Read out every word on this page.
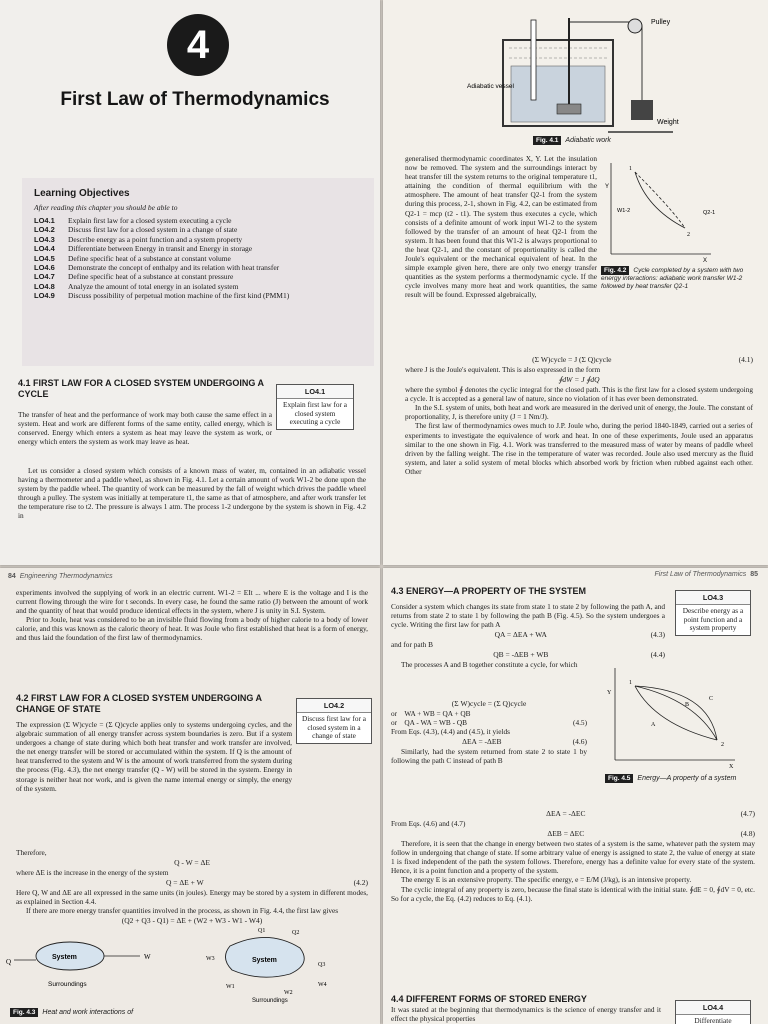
4
First Law of Thermodynamics
Learning Objectives
After reading this chapter you should be able to
LO4.1	Explain first law for a closed system executing a cycle
LO4.2	Discuss first law for a closed system in a change of state
LO4.3	Describe energy as a point function and a system property
LO4.4	Differentiate between Energy in transit and Energy in storage
LO4.5	Define specific heat of a substance at constant volume
LO4.6	Demonstrate the concept of enthalpy and its relation with heat transfer
LO4.7	Define specific heat of a substance at constant pressure
LO4.8	Analyze the amount of total energy in an isolated system
LO4.9	Discuss possibility of perpetual motion machine of the first kind (PMM1)

4.1 FIRST LAW FOR A CLOSED SYSTEM UNDERGOING A CYCLE	LO4.1
Explain first law for a closed system executing a cycle

The transfer of heat and the performance of work may both cause the same effect in a system. Heat and work are different forms of the same entity, called energy, which is conserved. Energy which enters a system as heat may leave the system as work, or energy which enters the system as work may leave as heat.

Let us consider a closed system which consists of a known mass of water, m, contained in an adiabatic vessel having a thermometer and a paddle wheel, as shown in Fig. 4.1. Let a certain amount of work W1-2 be done upon the system by the paddle wheel. The quantity of work can be measured by the fall of weight which drives the paddle wheel through a pulley. The system was initially at temperature t1, the same as that of atmosphere, and after work transfer let the temperature rise to t2. The pressure is always 1 atm. The process 1-2 undergone by the system is shown in Fig. 4.2 in

Pulley
Adiabatic vessel
Weight
Fig. 4.1 Adiabatic work

generalised thermodynamic coordinates X, Y. Let the insulation now be removed. The system and the surroundings interact by heat transfer till the system returns to the original temperature t1, attaining the condition of thermal equilibrium with the atmosphere. The amount of heat transfer Q2-1 from the system during this process, 2-1, shown in Fig. 4.2, can be estimated from Q2-1 = mcp (t2 - t1). The system thus executes a cycle, which consists of a definite amount of work input W1-2 to the system followed by the transfer of an amount of heat Q2-1 from the system. It has been found that this W1-2 is always proportional to the heat Q2-1, and the constant of proportionality is called the Joule's equivalent or the mechanical equivalent of heat. In the simple example given here, there are only two energy transfer quantities as the system performs a thermodynamic cycle. If the cycle involves many more heat and work quantities, the same result will be found. Expressed algebraically,

Y
X
1
2
W1-2	Q2-1
Fig. 4.2 Cycle completed by a system with two energy interactions: adiabatic work transfer W1-2 followed by heat transfer Q2-1

(Σ W)cycle = J (Σ Q)cycle	(4.1)

where J is the Joule's equivalent. This is also expressed in the form

∮dW = J ∮dQ

where the symbol ∮ denotes the cyclic integral for the closed path. This is the first law for a closed system undergoing a cycle. It is accepted as a general law of nature, since no violation of it has ever been demonstrated.

In the S.I. system of units, both heat and work are measured in the derived unit of energy, the Joule. The constant of proportionality, J, is therefore unity (J = 1 Nm/J).

The first law of thermodynamics owes much to J.P. Joule who, during the period 1840-1849, carried out a series of experiments to investigate the equivalence of work and heat. In one of these experiments, Joule used an apparatus similar to the one shown in Fig. 4.1. Work was transferred to the measured mass of water by means of paddle wheel driven by the falling weight. The rise in the temperature of water was recorded. Joule also used mercury as the fluid system, and later a solid system of metal blocks which absorbed work by friction when rubbed against each other. Other

84 Engineering Thermodynamics

experiments involved the supplying of work in an electric current. W1-2 = EIt ... where E is the voltage and I is the current flowing through the wire for t seconds. In every case, he found the same ratio (J) between the amount of work and the quantity of heat that would produce identical effects in the system, where J is unity in S.I. System.

Prior to Joule, heat was considered to be an invisible fluid flowing from a body of higher calorie to a body of lower calorie, and this was known as the caloric theory of heat. It was Joule who first established that heat is a form of energy, and thus laid the foundation of the first law of thermodynamics.

4.2 FIRST LAW FOR A CLOSED SYSTEM UNDERGOING A CHANGE OF STATE	LO4.2
Discuss first law for a closed system in a change of state

The expression (Σ W)cycle = (Σ Q)cycle applies only to systems undergoing cycles, and the algebraic summation of all energy transfer across system boundaries is zero. But if a system undergoes a change of state during which both heat transfer and work transfer are involved, the net energy transfer will be stored or accumulated within the system. If Q is the amount of heat transferred to the system and W is the amount of work transferred from the system during the process (Fig. 4.3), the net energy transfer (Q - W) will be stored in the system. Energy in storage is neither heat nor work, and is given the name internal energy or simply, the energy of the system.

Therefore,

Q - W = ΔE

where ΔE is the increase in the energy of the system

Q = ΔE + W	(4.2)

Here Q, W and ΔE are all expressed in the same units (in joules). Energy may be stored by a system in different modes, as explained in Section 4.4.

If there are more energy transfer quantities involved in the process, as shown in Fig. 4.4, the first law gives

(Q2 + Q3 - Q1) = ΔE + (W2 + W3 - W1 - W4)

System	W
Q
Surroundings
System
Q1	Q2
Q3
W3
W1
W2
W4
Surroundings
Fig. 4.3 Heat and work interactions of
First Law of Thermodynamics 85

4.3 ENERGY—A PROPERTY OF THE SYSTEM

LO4.3
Describe energy as a point function and a system property

Consider a system which changes its state from state 1 to state 2 by following the path A, and returns from state 2 to state 1 by following the path B (Fig. 4.5). So the system undergoes a cycle. Writing the first law for path A

QA = ΔEA + WA	(4.3)

and for path B

QB = -ΔEB + WB	(4.4)

The processes A and B together constitute a cycle, for which

(Σ W)cycle = (Σ Q)cycle

or WA + WB = QA + QB

or QA - WA = WB - QB	(4.5)

From Eqs. (4.3), (4.4) and (4.5), it yields

ΔEA = -ΔEB	(4.6)

Similarly, had the system returned from state 2 to state 1 by following the path C instead of path B

Y
X
1
2
A
B
C
Fig. 4.5 Energy—A property of a system

ΔEA = -ΔEC	(4.7)

From Eqs. (4.6) and (4.7)

ΔEB = ΔEC	(4.8)

Therefore, it is seen that the change in energy between two states of a system is the same, whatever path the system may follow in undergoing that change of state. If some arbitrary value of energy is assigned to state 2, the value of energy at state 1 is fixed independent of the path the system follows. Therefore, energy has a definite value for every state of the system. Hence, it is a point function and a property of the system.

The energy E is an extensive property. The specific energy, e = E/M (J/kg), is an intensive property.

The cyclic integral of any property is zero, because the final state is identical with the initial state. ∮dE = 0, ∮dV = 0, etc. So for a cycle, the Eq. (4.2) reduces to Eq. (4.1).

4.4 DIFFERENT FORMS OF STORED ENERGY

It was stated at the beginning that thermodynamics is the science of energy transfer and it effect the physical properties

LO4.4
Differentiate
